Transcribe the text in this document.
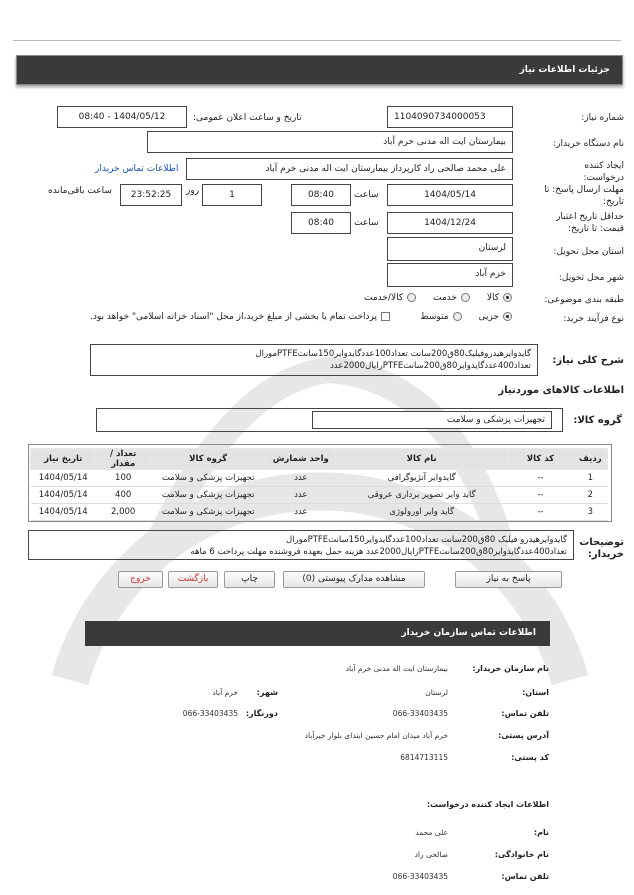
جزئیات اطلاعات نیاز
شماره نیاز:
1104090734000053
تاریخ و ساعت اعلان عمومی:
1404/05/12 - 08:40
نام دستگاه خریدار:
بیمارستان ایت اله مدنی خرم آباد
ایجاد کننده درخواست:
علی محمد صالحی راد کارپرداز بیمارستان ایت اله مدنی خرم آباد
اطلاعات تماس خریدار
مهلت ارسال پاسخ: تا تاریخ:
1404/05/14
ساعت
08:40
1
روز
23:52:25
ساعت باقی‌مانده
حداقل تاریخ اعتبار قیمت: تا تاریخ:
1404/12/24
ساعت
08:40
استان محل تحویل:
لرستان
شهر محل تحویل:
خرم آباد
طبقه بندی موضوعی:
کالا خدمت کالا/خدمت
نوع فرآیند خرید:
جزیی متوسط
پرداخت تمام یا بخشی از مبلغ خرید،از محل "اسناد خزانه اسلامی" خواهد بود.
شرح کلی نیاز:
گایدوایرهیدروفیلیک80ق200سانت تعداد100عددگایدوایر150سانتPTFEمورال
تعداد400عددگایدوایر80ق200سانتPTFEرایال2000عدد
اطلاعات کالاهای موردنیاز
گروه کالا:
تجهیزات پزشکی و سلامت
ردیف	کد کالا	نام کالا	واحد شمارش	گروه کالا	تعداد / مقدار	تاریخ نیاز
1	--	گایدوایر آنژیوگرافی	عدد	تجهیزات پزشکی و سلامت	100	1404/05/14
2	--	گاید وایر تصویر برداری عروقی	عدد	تجهیزات پزشکی و سلامت	400	1404/05/14
3	--	گاید وایر اورولوژی	عدد	تجهیزات پزشکی و سلامت	2,000	1404/05/14
توضیحات خریدار:
گایدوایرهیدرو فیلیک 80ق200سانت تعداد100عددگایدوایر150سانتPTFEمورال
تعداد400عددگایدوایر80ق200سانتPTFEرایال2000عدد هزینه حمل بعهده فروشنده مهلت پرداخت 6 ماهه
پاسخ به نیاز
مشاهده مدارک پیوستی (0)
چاپ
بازگشت
خروج
اطلاعات تماس سازمان خریدار
نام سازمان خریدار:
بیمارستان ایت اله مدنی خرم آباد
استان:
لرستان
شهر:
خرم آباد
تلفن تماس:
066-33403435
دورنگار:
066-33403435
آدرس پستی:
خرم آباد میدان امام حسین ابتدای بلوار خیرآباد
کد پستی:
6814713115
اطلاعات ایجاد کننده درخواست:
نام:
علی محمد
نام خانوادگی:
صالحی راد
تلفن تماس:
066-33403435
